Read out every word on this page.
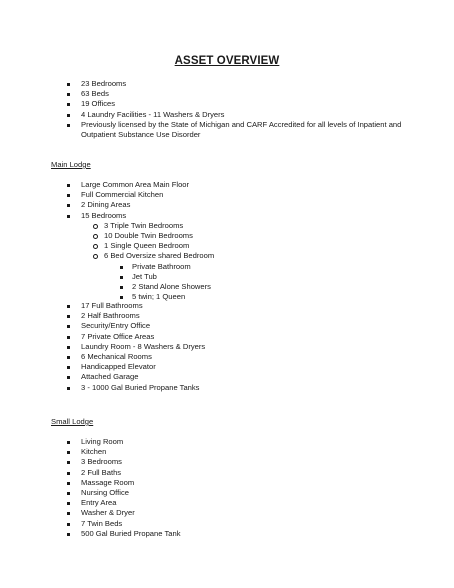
ASSET OVERVIEW
23 Bedrooms
63 Beds
19 Offices
4 Laundry Facilities - 11 Washers & Dryers
Previously licensed by the State of Michigan and CARF Accredited for all levels of Inpatient and Outpatient Substance Use Disorder
Main Lodge
Large Common Area Main Floor
Full Commercial Kitchen
2 Dining Areas
15 Bedrooms
3 Triple Twin Bedrooms
10 Double Twin Bedrooms
1 Single Queen Bedroom
6 Bed Oversize shared Bedroom
Private Bathroom
Jet Tub
2 Stand Alone Showers
5 twin; 1 Queen
17 Full Bathrooms
2 Half Bathrooms
Security/Entry Office
7 Private Office Areas
Laundry Room - 8 Washers & Dryers
6 Mechanical Rooms
Handicapped Elevator
Attached Garage
3 - 1000 Gal Buried Propane Tanks
Small Lodge
Living Room
Kitchen
3 Bedrooms
2 Full Baths
Massage Room
Nursing Office
Entry Area
Washer & Dryer
7 Twin Beds
500 Gal Buried Propane Tank
